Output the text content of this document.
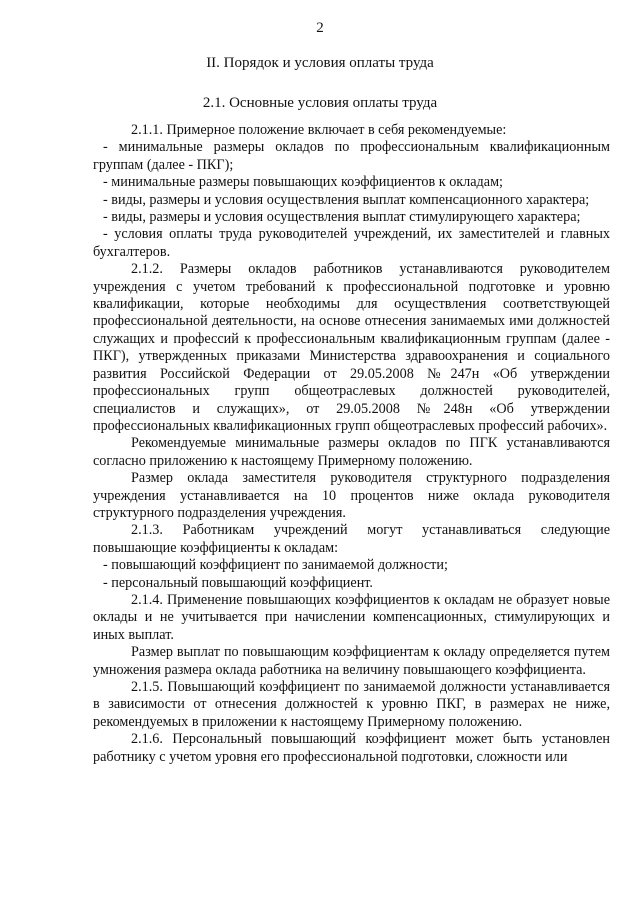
2
II. Порядок и условия оплаты труда
2.1. Основные условия оплаты труда

2.1.1. Примерное положение включает в себя рекомендуемые:

- минимальные размеры окладов по профессиональным квалификационным группам (далее - ПКГ);

- минимальные размеры повышающих коэффициентов к окладам;

- виды, размеры и условия осуществления выплат компенсационного характера;

- виды, размеры и условия осуществления выплат стимулирующего характера;

- условия оплаты труда руководителей учреждений, их заместителей и главных бухгалтеров.

2.1.2. Размеры окладов работников устанавливаются руководителем учреждения с учетом требований к профессиональной подготовке и уровню квалификации, которые необходимы для осуществления соответствующей профессиональной деятельности, на основе отнесения занимаемых ими должностей служащих и профессий к профессиональным квалификационным группам (далее - ПКГ), утвержденных приказами Министерства здравоохранения и социального развития Российской Федерации от 29.05.2008 №247н «Об утверждении профессиональных групп общеотраслевых должностей руководителей, специалистов и служащих», от 29.05.2008 №248н «Об утверждении профессиональных квалификационных групп общеотраслевых профессий рабочих».

Рекомендуемые минимальные размеры окладов по ПГК устанавливаются согласно приложению к настоящему Примерному положению.

Размер оклада заместителя руководителя структурного подразделения учреждения устанавливается на 10 процентов ниже оклада руководителя структурного подразделения учреждения.

2.1.3. Работникам учреждений могут устанавливаться следующие повышающие коэффициенты к окладам:

- повышающий коэффициент по занимаемой должности;

- персональный повышающий коэффициент.

2.1.4. Применение повышающих коэффициентов к окладам не образует новые оклады и не учитывается при начислении компенсационных, стимулирующих и иных выплат.

Размер выплат по повышающим коэффициентам к окладу определяется путем умножения размера оклада работника на величину повышающего коэффициента.

2.1.5. Повышающий коэффициент по занимаемой должности устанавливается в зависимости от отнесения должностей к уровню ПКГ, в размерах не ниже, рекомендуемых в приложении к настоящему Примерному положению.

2.1.6. Персональный повышающий коэффициент может быть установлен работнику с учетом уровня его профессиональной подготовки, сложности или
